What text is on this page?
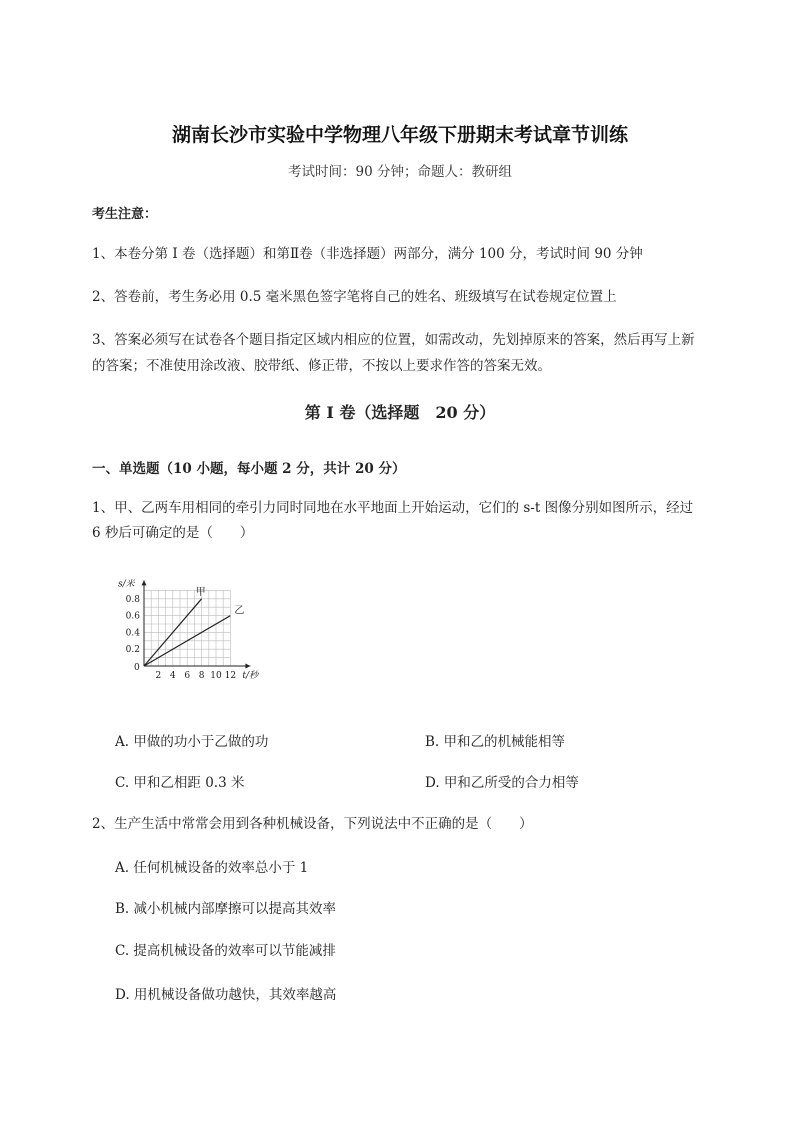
湖南长沙市实验中学物理八年级下册期末考试章节训练
考试时间：90 分钟；命题人：教研组
考生注意：
1、本卷分第 I 卷（选择题）和第Ⅱ卷（非选择题）两部分，满分 100 分，考试时间 90 分钟
2、答卷前，考生务必用 0.5 毫米黑色签字笔将自己的姓名、班级填写在试卷规定位置上
3、答案必须写在试卷各个题目指定区域内相应的位置，如需改动，先划掉原来的答案，然后再写上新
的答案；不准使用涂改液、胶带纸、修正带，不按以上要求作答的答案无效。
第 I 卷（选择题　20 分）
一、单选题（10 小题，每小题 2 分，共计 20 分）
1、甲、乙两车用相同的牵引力同时同地在水平地面上开始运动，它们的 s-t 图像分别如图所示，经过
6 秒后可确定的是（　　）
2 4 6 8 10 12
0.2
0.4
0.6
0.8
甲
乙
s/米
t/秒
0
A. 甲做的功小于乙做的功	B. 甲和乙的机械能相等
C. 甲和乙相距 0.3 米	D. 甲和乙所受的合力相等
2、生产生活中常常会用到各种机械设备，下列说法中不正确的是（　　）
A. 任何机械设备的效率总小于 1
B. 减小机械内部摩擦可以提高其效率
C. 提高机械设备的效率可以节能减排
D. 用机械设备做功越快，其效率越高
